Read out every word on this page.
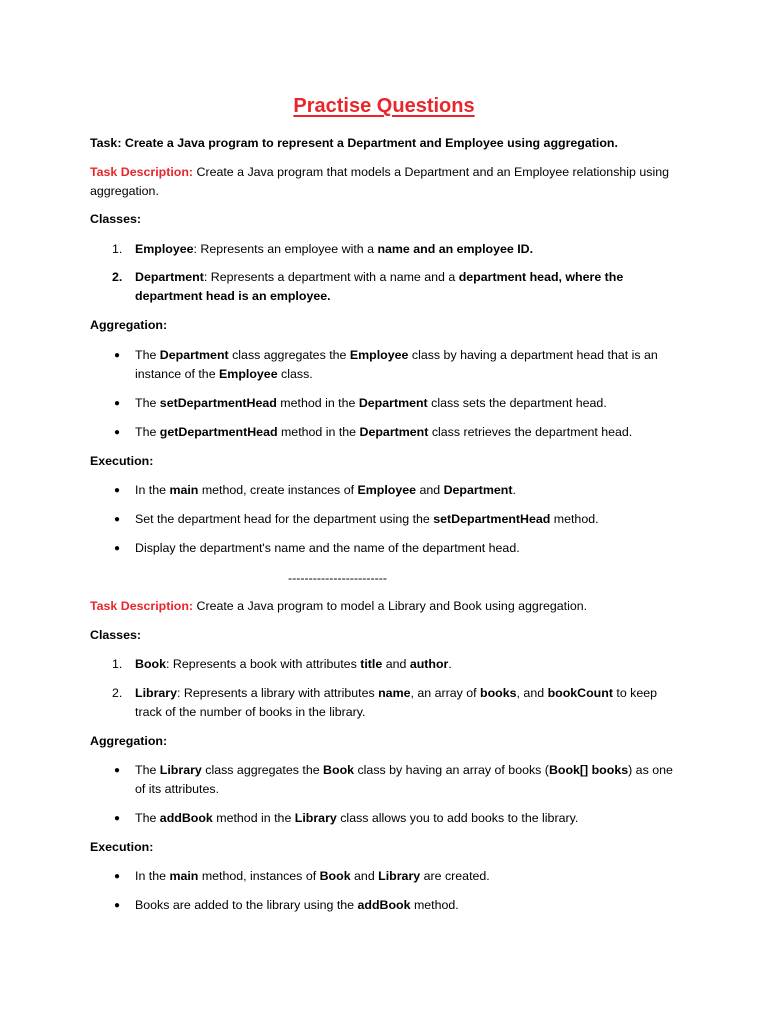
Practise Questions
Task: Create a Java program to represent a Department and Employee using aggregation.
Task Description: Create a Java program that models a Department and an Employee relationship using aggregation.
Classes:
1. Employee: Represents an employee with a name and an employee ID.
2. Department: Represents a department with a name and a department head, where the department head is an employee.
Aggregation:
● The Department class aggregates the Employee class by having a department head that is an instance of the Employee class.
● The setDepartmentHead method in the Department class sets the department head.
● The getDepartmentHead method in the Department class retrieves the department head.
Execution:
● In the main method, create instances of Employee and Department.
● Set the department head for the department using the setDepartmentHead method.
● Display the department's name and the name of the department head.
------------------------
Task Description: Create a Java program to model a Library and Book using aggregation.
Classes:
1. Book: Represents a book with attributes title and author.
2. Library: Represents a library with attributes name, an array of books, and bookCount to keep track of the number of books in the library.
Aggregation:
● The Library class aggregates the Book class by having an array of books (Book[] books) as one of its attributes.
● The addBook method in the Library class allows you to add books to the library.
Execution:
● In the main method, instances of Book and Library are created.
● Books are added to the library using the addBook method.
